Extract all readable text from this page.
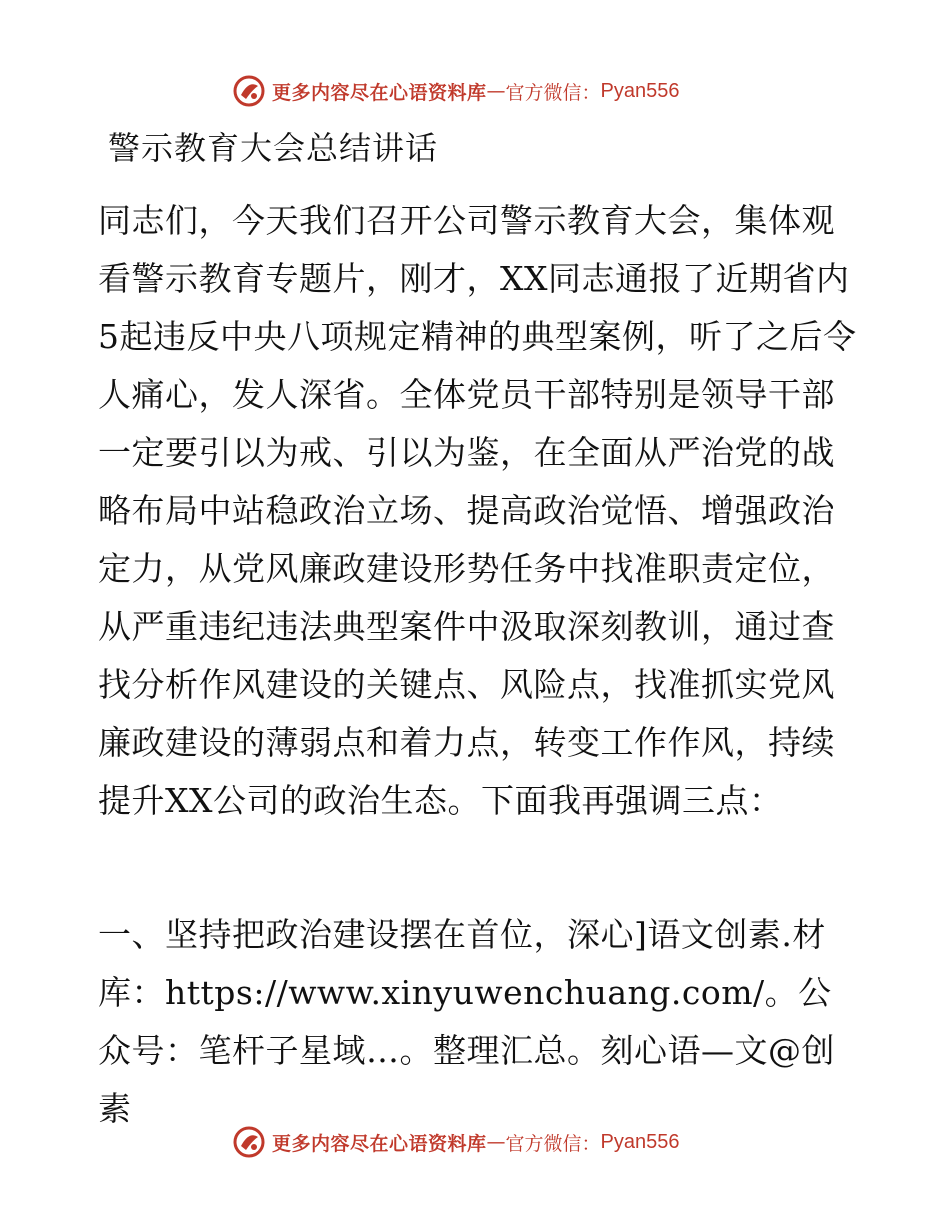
更多内容尽在心语资料库 — 官方微信： Pyan556
警示教育大会总结讲话

同志们，今天我们召开公司警示教育大会，集体观看警示教育专题片，刚才，XX同志通报了近期省内5起违反中央八项规定精神的典型案例，听了之后令人痛心，发人深省。全体党员干部特别是领导干部一定要引以为戒、引以为鉴，在全面从严治党的战略布局中站稳政治立场、提高政治觉悟、增强政治定力，从党风廉政建设形势任务中找准职责定位，从严重违纪违法典型案件中汲取深刻教训，通过查找分析作风建设的关键点、风险点，找准抓实党风廉政建设的薄弱点和着力点，转变工作作风，持续提升XX公司的政治生态。下面我再强调三点：

一、坚持把政治建设摆在首位，深心]语文创素.材库：https://www.xinyuwenchuang.com/。公众号：笔杆子星域…。整理汇总。刻心语—文@创素

更多内容尽在心语资料库 — 官方微信： Pyan556
